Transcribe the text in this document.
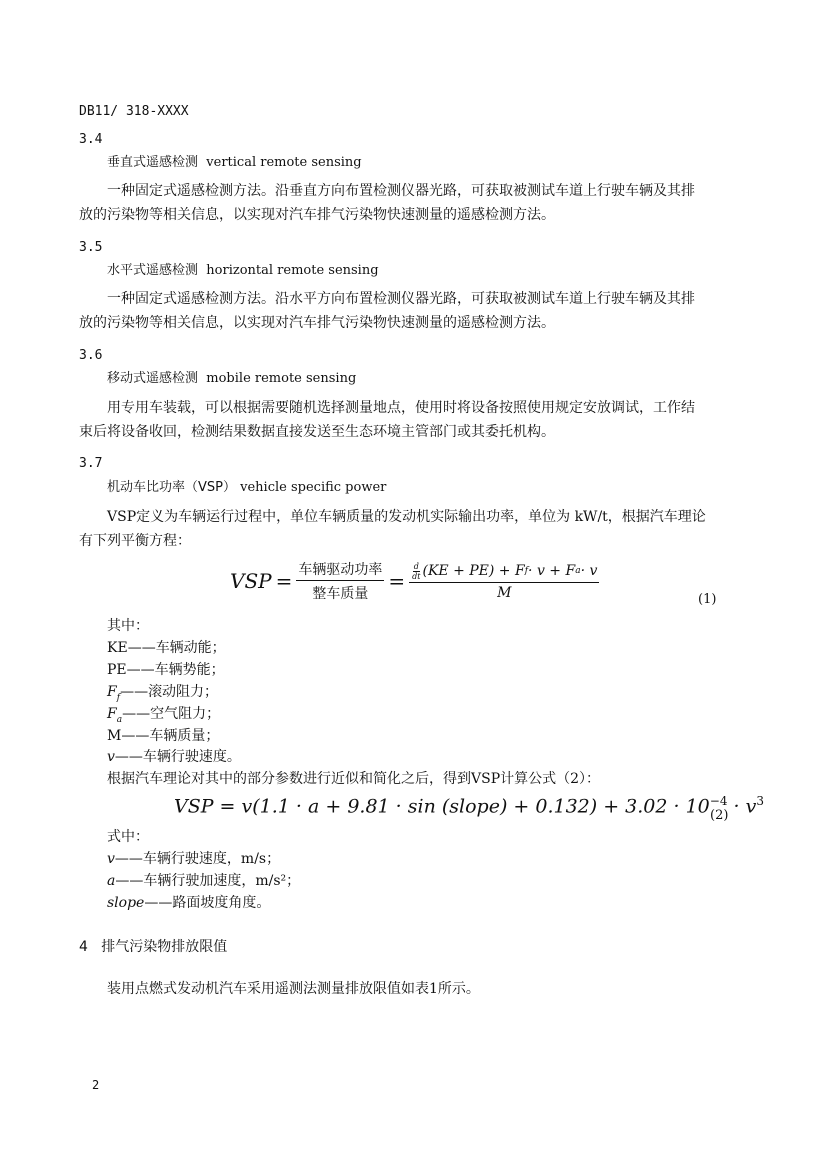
DB11/ 318-XXXX
3.4
垂直式遥感检测 vertical remote sensing
一种固定式遥感检测方法。沿垂直方向布置检测仪器光路，可获取被测试车道上行驶车辆及其排
放的污染物等相关信息，以实现对汽车排气污染物快速测量的遥感检测方法。
3.5
水平式遥感检测 horizontal remote sensing
一种固定式遥感检测方法。沿水平方向布置检测仪器光路，可获取被测试车道上行驶车辆及其排
放的污染物等相关信息，以实现对汽车排气污染物快速测量的遥感检测方法。
3.6
移动式遥感检测 mobile remote sensing
用专用车装载，可以根据需要随机选择测量地点，使用时将设备按照使用规定安放调试，工作结
束后将设备收回，检测结果数据直接发送至生态环境主管部门或其委托机构。
3.7
机动车比功率（VSP） vehicle specific power
VSP定义为车辆运行过程中，单位车辆质量的发动机实际输出功率，单位为 kW/t，根据汽车理论
有下列平衡方程：
VSP = $\frac{\text{车辆驱动功率}}{\text{整车质量}} = \frac{\frac{d}{dt} (KE + PE) + F f \cdot v + F a \cdot v}{M}$	(1)
其中：
KE——车辆动能；
PE——车辆势能；
$F_f——$滚动阻力；
$F_a——$空气阻力；
M——车辆质量；
v——车辆行驶速度。
根据汽车理论对其中的部分参数进行近似和简化之后，得到VSP计算公式（2）：
VSP = v(1.1 · a + 9.81 · sin (slope) + $0.132) + 3.02 \cdot 10^{-4} \cdot v^3$
(2)
式中：
v——车辆行驶速度，m/s；
a——车辆行驶加速度，m/s²；
slope——路面坡度角度。
4 排气污染物排放限值
装用点燃式发动机汽车采用遥测法测量排放限值如表1所示。
2
